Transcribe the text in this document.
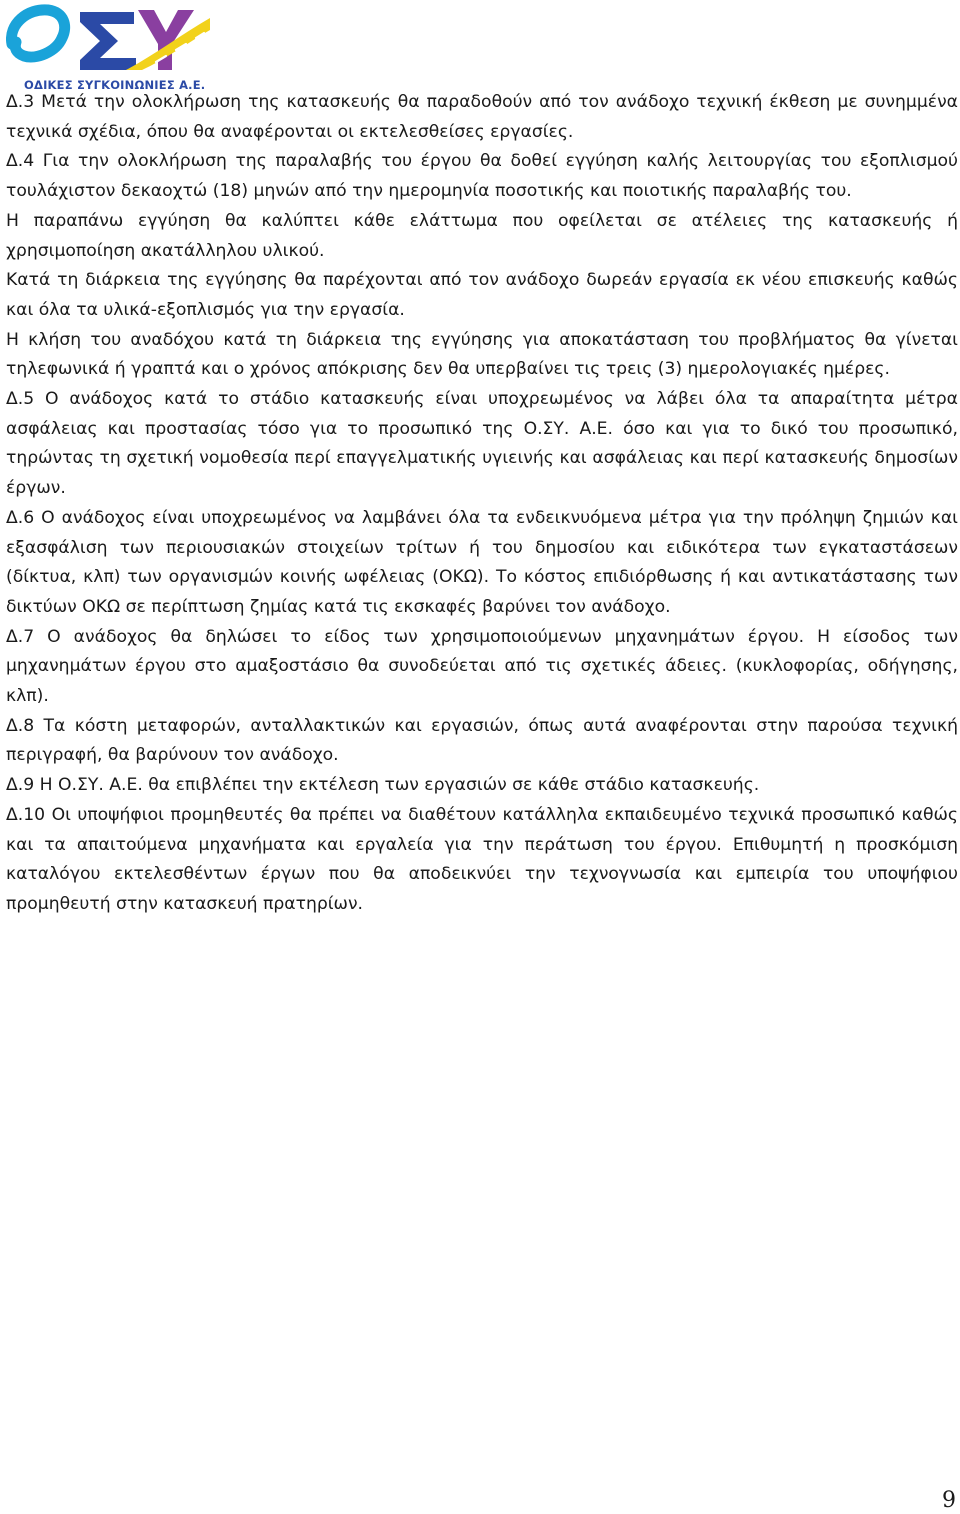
ΟΔΙΚΕΣ ΣΥΓΚΟΙΝΩΝΙΕΣ Α.Ε.

Δ.3 Μετά την ολοκλήρωση της κατασκευής θα παραδοθούν από τον ανάδοχο τεχνική έκθεση με συνημμένα τεχνικά σχέδια, όπου θα αναφέρονται οι εκτελεσθείσες εργασίες.

Δ.4 Για την ολοκλήρωση της παραλαβής του έργου θα δοθεί εγγύηση καλής λειτουργίας του εξοπλισμού τουλάχιστον δεκαοχτώ (18) μηνών από την ημερομηνία ποσοτικής και ποιοτικής παραλαβής του.

Η παραπάνω εγγύηση θα καλύπτει κάθε ελάττωμα που οφείλεται σε ατέλειες της κατασκευής ή χρησιμοποίηση ακατάλληλου υλικού.

Κατά τη διάρκεια της εγγύησης θα παρέχονται από τον ανάδοχο δωρεάν εργασία εκ νέου επισκευής καθώς και όλα τα υλικά-εξοπλισμός για την εργασία.

Η κλήση του αναδόχου κατά τη διάρκεια της εγγύησης για αποκατάσταση του προβλήματος θα γίνεται τηλεφωνικά ή γραπτά και ο χρόνος απόκρισης δεν θα υπερβαίνει τις τρεις (3) ημερολογιακές ημέρες.

Δ.5 Ο ανάδοχος κατά το στάδιο κατασκευής είναι υποχρεωμένος να λάβει όλα τα απαραίτητα μέτρα ασφάλειας και προστασίας τόσο για το προσωπικό της Ο.ΣΥ. Α.Ε. όσο και για το δικό του προσωπικό, τηρώντας τη σχετική νομοθεσία περί επαγγελματικής υγιεινής και ασφάλειας και περί κατασκευής δημοσίων έργων.

Δ.6 Ο ανάδοχος είναι υποχρεωμένος να λαμβάνει όλα τα ενδεικνυόμενα μέτρα για την πρόληψη ζημιών και εξασφάλιση των περιουσιακών στοιχείων τρίτων ή του δημοσίου και ειδικότερα των εγκαταστάσεων (δίκτυα, κλπ) των οργανισμών κοινής ωφέλειας (ΟΚΩ). Το κόστος επιδιόρθωσης ή και αντικατάστασης των δικτύων ΟΚΩ σε περίπτωση ζημίας κατά τις εκσκαφές βαρύνει τον ανάδοχο.

Δ.7 Ο ανάδοχος θα δηλώσει το είδος των χρησιμοποιούμενων μηχανημάτων έργου. Η είσοδος των μηχανημάτων έργου στο αμαξοστάσιο θα συνοδεύεται από τις σχετικές άδειες. (κυκλοφορίας, οδήγησης, κλπ).

Δ.8 Τα κόστη μεταφορών, ανταλλακτικών και εργασιών, όπως αυτά αναφέρονται στην παρούσα τεχνική περιγραφή, θα βαρύνουν τον ανάδοχο.

Δ.9 Η Ο.ΣΥ. Α.Ε. θα επιβλέπει την εκτέλεση των εργασιών σε κάθε στάδιο κατασκευής.

Δ.10 Οι υποψήφιοι προμηθευτές θα πρέπει να διαθέτουν κατάλληλα εκπαιδευμένο τεχνικά προσωπικό καθώς και τα απαιτούμενα μηχανήματα και εργαλεία για την περάτωση του έργου. Επιθυμητή η προσκόμιση καταλόγου εκτελεσθέντων έργων που θα αποδεικνύει την τεχνογνωσία και εμπειρία του υποψήφιου προμηθευτή στην κατασκευή πρατηρίων.

9
